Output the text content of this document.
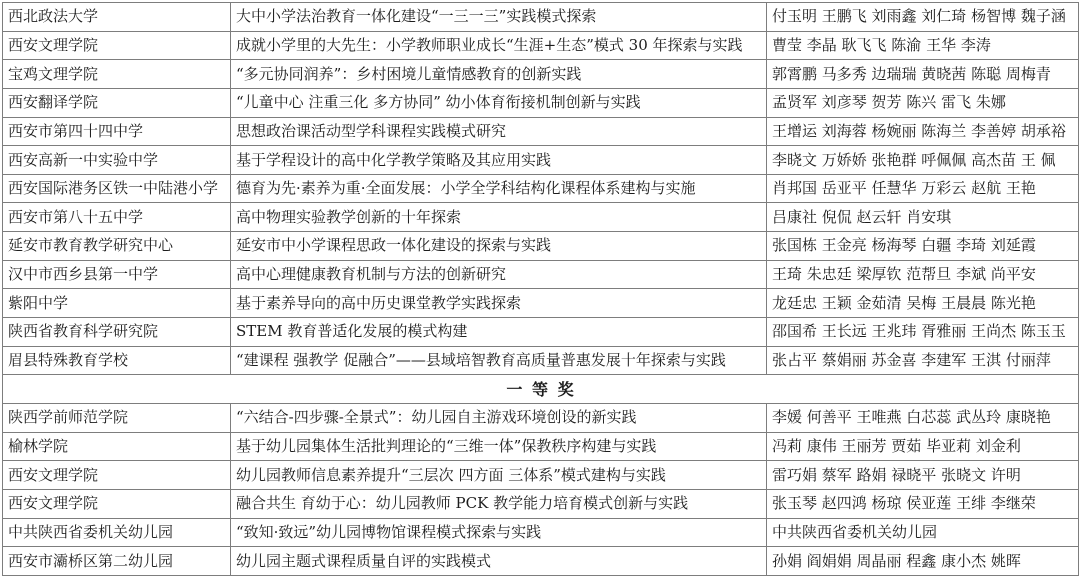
西北政法大学	大中小学法治教育一体化建设“一三一三”实践模式探索	付玉明 王鹏飞 刘雨鑫 刘仁琦 杨智博 魏子涵
西安文理学院	成就小学里的大先生：小学教师职业成长“生涯+生态”模式 30 年探索与实践	曹莹 李晶 耿飞飞 陈渝 王华 李涛
宝鸡文理学院	“多元协同润养”：乡村困境儿童情感教育的创新实践	郭霄鹏 马多秀 边瑞瑞 黄晓茜 陈聪 周梅青
西安翻译学院	“儿童中心 注重三化 多方协同” 幼小体育衔接机制创新与实践	孟贤军 刘彦琴 贺芳 陈兴 雷飞 朱娜
西安市第四十四中学	思想政治课活动型学科课程实践模式研究	王增运 刘海蓉 杨婉丽 陈海兰 李善婷 胡承裕
西安高新一中实验中学	基于学程设计的高中化学教学策略及其应用实践	李晓文 万娇娇 张艳群 呼佩佩 高杰苗 王 佩
西安国际港务区铁一中陆港小学	德育为先·素养为重·全面发展：小学全学科结构化课程体系建构与实施	肖邦国 岳亚平 任慧华 万彩云 赵航 王艳
西安市第八十五中学	高中物理实验教学创新的十年探索	吕康社 倪侃 赵云轩 肖安琪
延安市教育教学研究中心	延安市中小学课程思政一体化建设的探索与实践	张国栋 王金亮 杨海琴 白疆 李琦 刘延霞
汉中市西乡县第一中学	高中心理健康教育机制与方法的创新研究	王琦 朱忠廷 梁厚钦 范帮旦 李斌 尚平安
紫阳中学	基于素养导向的高中历史课堂教学实践探索	龙廷忠 王颖 金茹清 吴梅 王晨晨 陈光艳
陕西省教育科学研究院	STEM 教育普适化发展的模式构建	邵国希 王长远 王兆玮 胥雅丽 王尚杰 陈玉玉
眉县特殊教育学校	“建课程 强教学 促融合”——县域培智教育高质量普惠发展十年探索与实践	张占平 蔡娟丽 苏金喜 李建军 王淇 付丽萍
一 等 奖		
陕西学前师范学院	“六结合-四步骤-全景式”：幼儿园自主游戏环境创设的新实践	李媛 何善平 王唯燕 白芯蕊 武丛玲 康晓艳
榆林学院	基于幼儿园集体生活批判理论的“三维一体”保教秩序构建与实践	冯莉 康伟 王丽芳 贾茹 毕亚莉 刘金利
西安文理学院	幼儿园教师信息素养提升“三层次 四方面 三体系”模式建构与实践	雷巧娟 蔡军 路娟 禄晓平 张晓文 许明
西安文理学院	融合共生 育幼于心：幼儿园教师 PCK 教学能力培育模式创新与实践	张玉琴 赵四鸿 杨琼 侯亚莲 王绯 李继荣
中共陕西省委机关幼儿园	“致知·致远”幼儿园博物馆课程模式探索与实践	中共陕西省委机关幼儿园
西安市灞桥区第二幼儿园	幼儿园主题式课程质量自评的实践模式	孙娟 阎娟娟 周晶丽 程鑫 康小杰 姚晖
